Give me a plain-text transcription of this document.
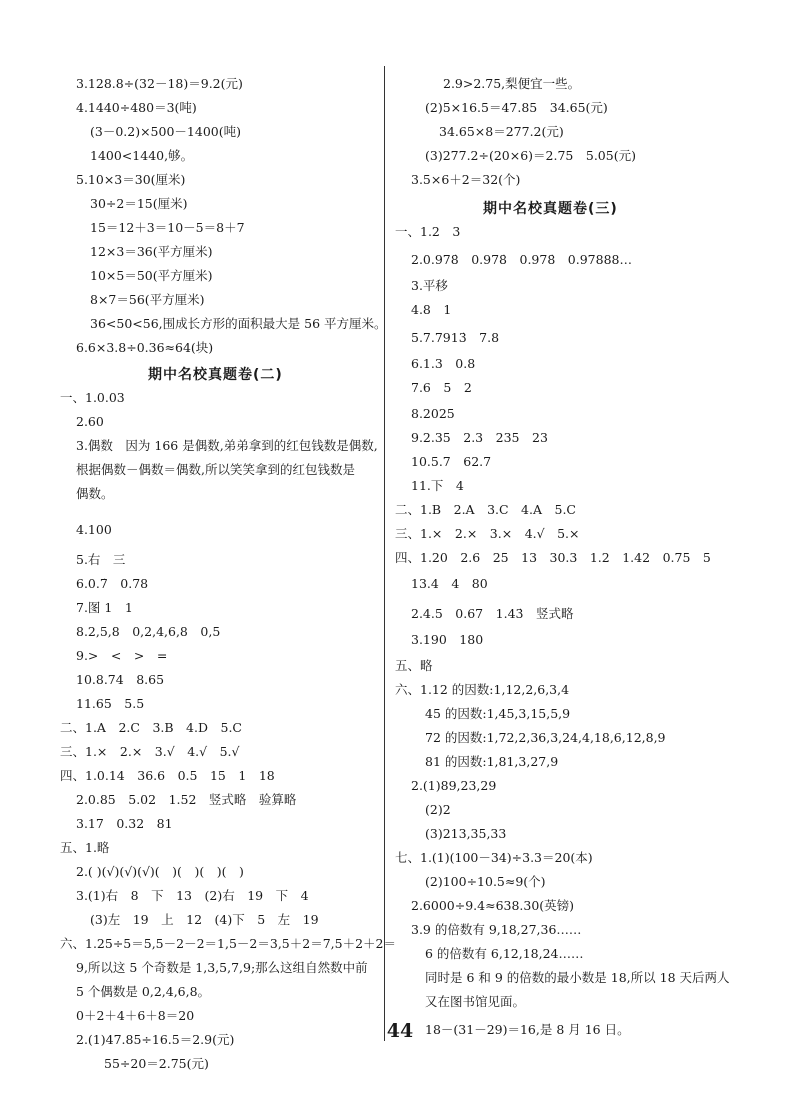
3.128.8÷(32－18)＝9.2(元)
4.1440÷480＝3(吨)
(3－0.2)×500－1400(吨)
1400<1440,够。
5.10×3＝30(厘米)
30÷2＝15(厘米)
15＝12＋3＝10－5＝8＋7
12×3＝36(平方厘米)
10×5＝50(平方厘米)
8×7＝56(平方厘米)
36<50<56,围成长方形的面积最大是 56 平方厘米。
6.6×3.8÷0.36≈64(块)
期中名校真题卷(二)
一、1.0.03
2.60
3.偶数　因为 166 是偶数,弟弟拿到的红包钱数是偶数,
根据偶数－偶数＝偶数,所以笑笑拿到的红包钱数是
偶数。
4.100
5.右　三
6.0.7̇　0.78
7.图 1　1
8.2,5,8　0,2,4,6,8　0,5
9.>　<　>　=
10.8.74　8.65
11.65　5.5
二、1.A　2.C　3.B　4.D　5.C
三、1.×　2.×　3.√　4.√　5.√
四、1.0.14　36.6　0.5　15　1　18
2.0.85　5.02　1.52　竖式略　验算略
3.17　0.32　81
五、1.略
2.( )(√)(√)(√)(　)(　)(　)(　)
3.(1)右　8　下　13　(2)右　19　下　4
(3)左　19　上　12　(4)下　5　左　19
六、1.25÷5＝5,5－2－2＝1,5－2＝3,5＋2＝7,5＋2＋2＝
9,所以这 5 个奇数是 1,3,5,7,9;那么这组自然数中前
5 个偶数是 0,2,4,6,8。
0＋2＋4＋6＋8＝20
2.(1)47.85÷16.5＝2.9(元)
55÷20＝2.75(元)
2.9>2.75,梨便宜一些。
(2)5×16.5＝47.85　34.65(元)
34.65×8＝277.2(元)
(3)277.2÷(20×6)＝2.75　5.05(元)
3.5×6＋2＝32(个)
期中名校真题卷(三)
一、1.2　3
2.0.978̇　0.978̇　0.978̇　0.97888…
3.平移
4.8　1
5.7.7913̇　7.8
6.1.3　0.8
7.6　5　2
8.2025
9.2.35　2.3　235　23
10.5.7　62.7
11.下　4
二、1.B　2.A　3.C　4.A　5.C
三、1.×　2.×　3.×　4.√　5.×
四、1.20　2.6　25　13　30.3　1.2　1.42　0.75　5
13.4　4　80
2.4.5　0.67　1.43̇　竖式略
3.190　180
五、略
六、1.12 的因数:1,12,2,6,3,4
45 的因数:1,45,3,15,5,9
72 的因数:1,72,2,36,3,24,4,18,6,12,8,9
81 的因数:1,81,3,27,9
2.(1)89,23,29
(2)2
(3)213,35,33
七、1.(1)(100－34)÷3.3＝20(本)
(2)100÷10.5≈9(个)
2.6000÷9.4≈638.30(英镑)
3.9 的倍数有 9,18,27,36……
6 的倍数有 6,12,18,24……
同时是 6 和 9 的倍数的最小数是 18,所以 18 天后两人
又在图书馆见面。
18－(31－29)＝16,是 8 月 16 日。
44
